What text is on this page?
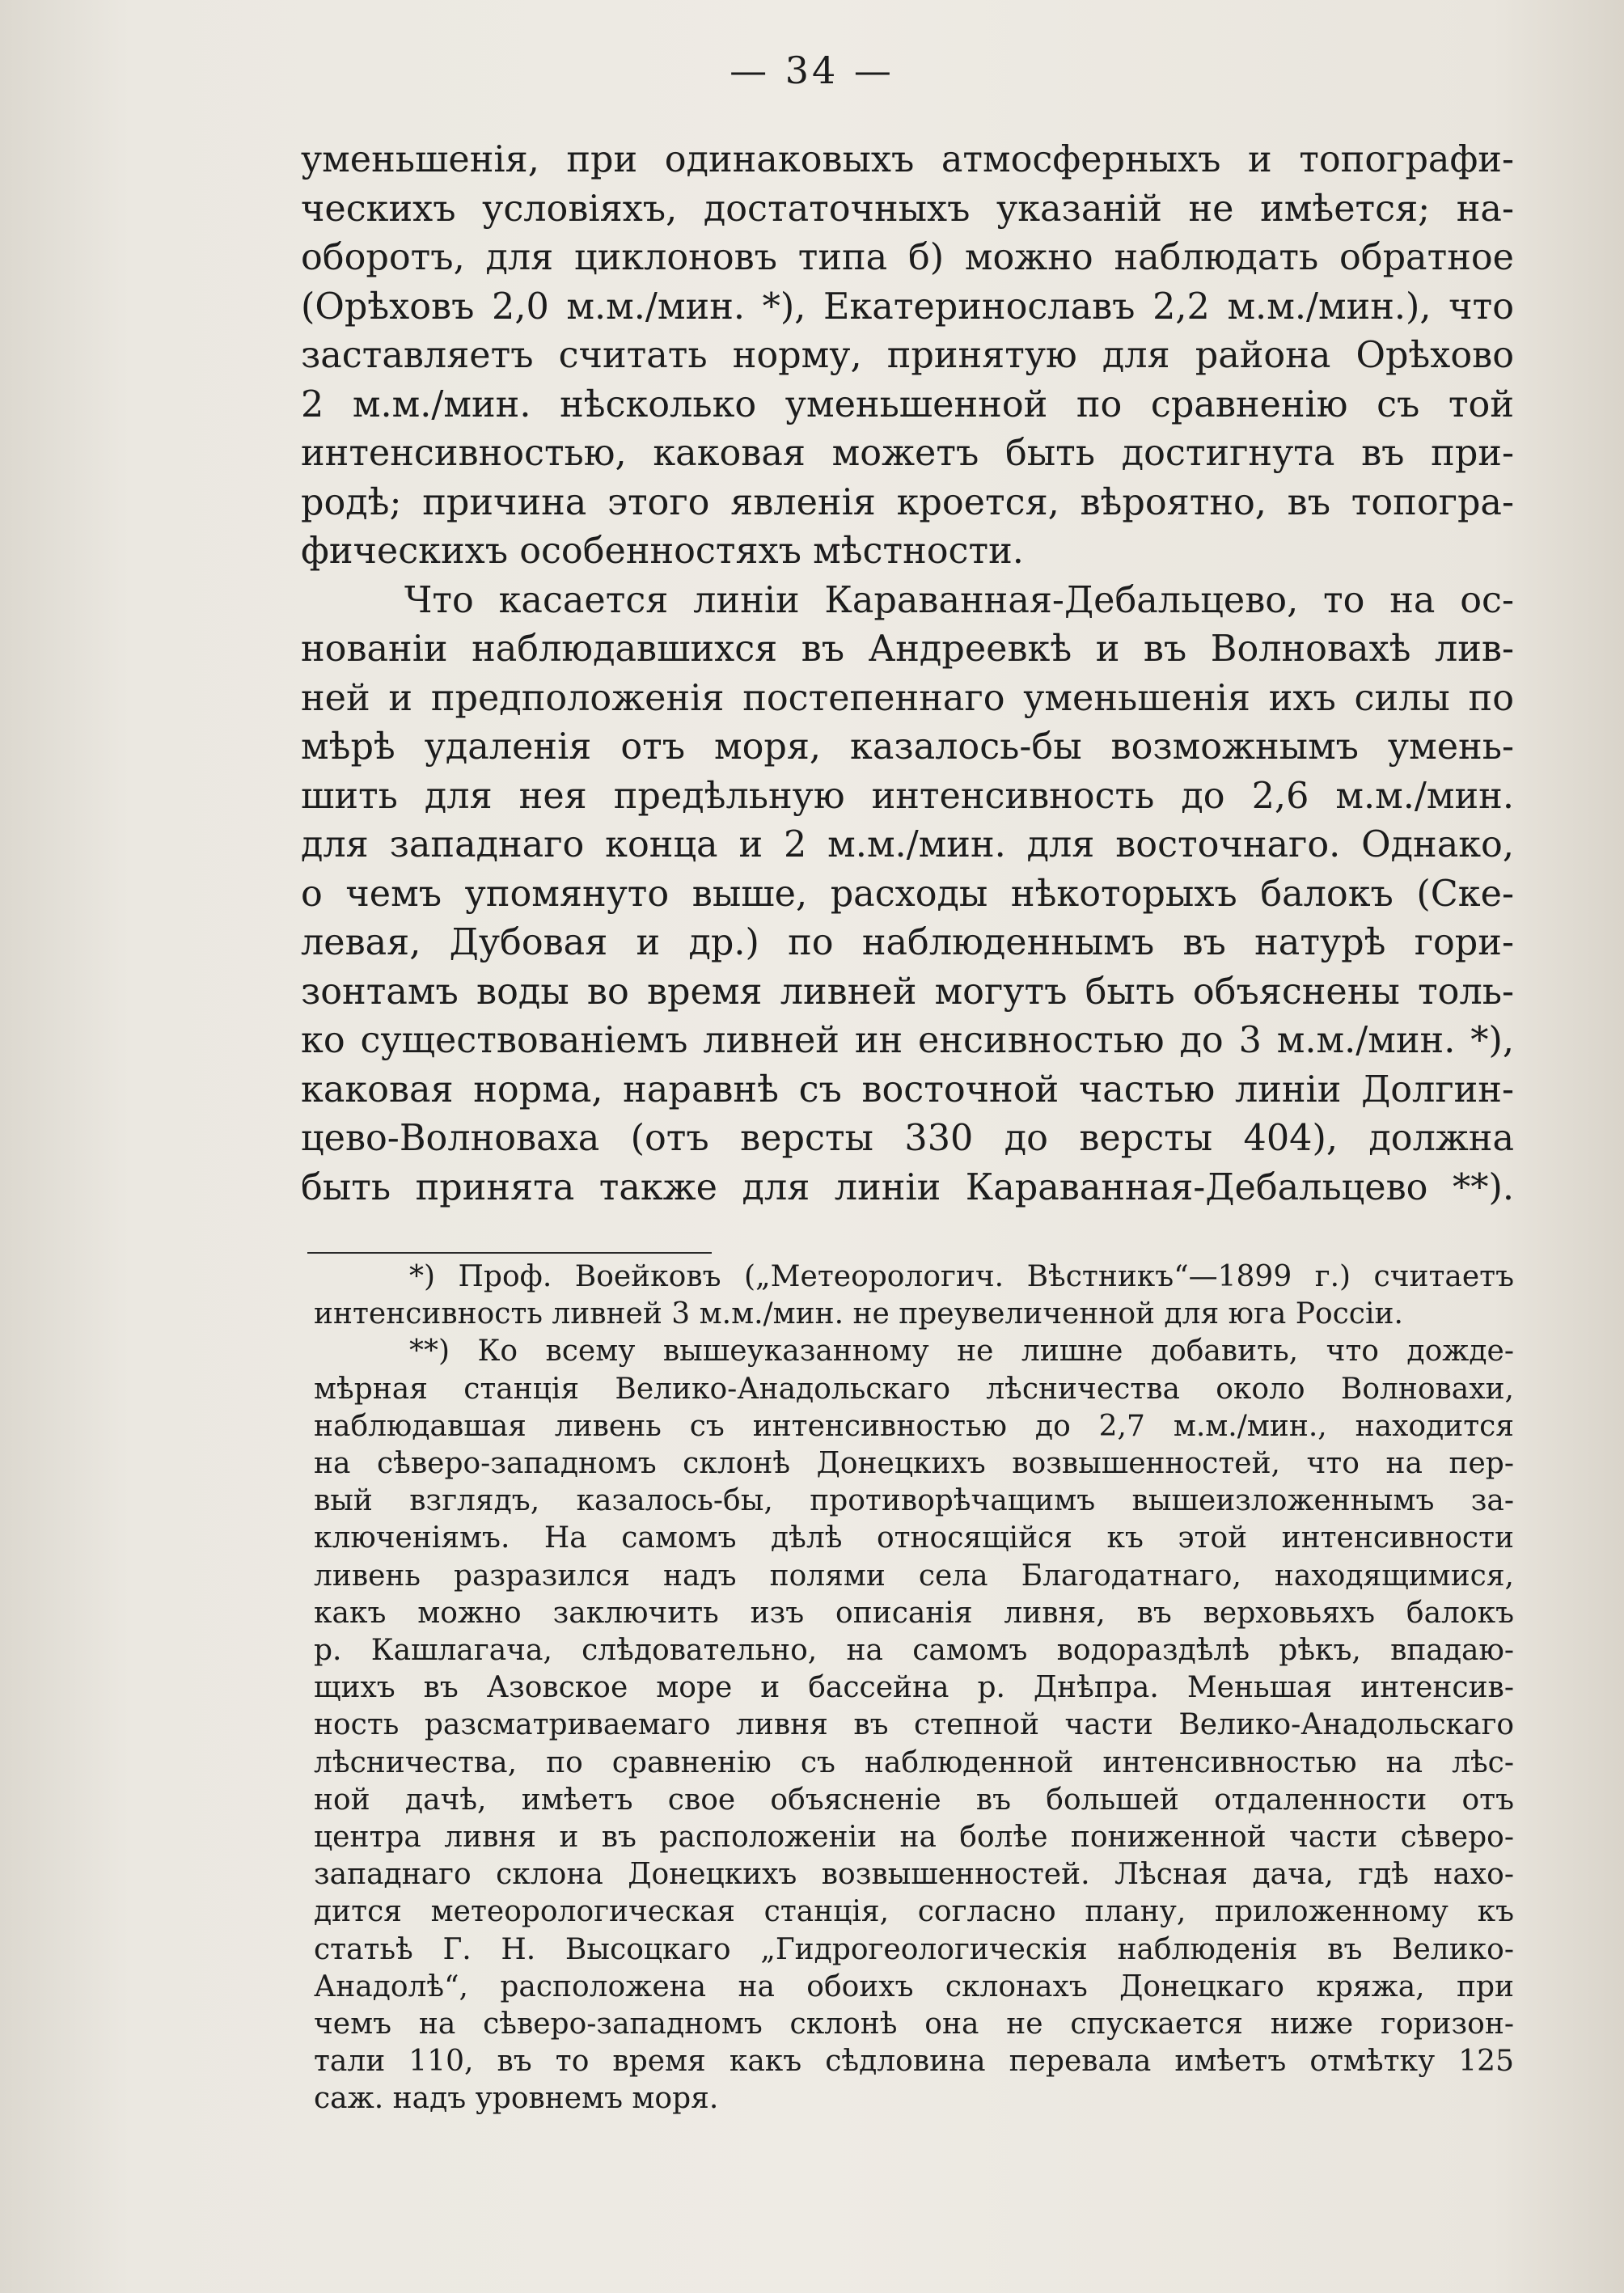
— 34 —
уменьшенія, при одинаковыхъ атмосферныхъ и топографи-
ческихъ условіяхъ, достаточныхъ указаній не имѣется; на-
оборотъ, для циклоновъ типа б) можно наблюдать обратное
(Орѣховъ 2,0 м.м./мин. *), Екатеринославъ 2,2 м.м./мин.), что
заставляетъ считать норму, принятую для района Орѣхово
2 м.м./мин. нѣсколько уменьшенной по сравненію съ той
интенсивностью, каковая можетъ быть достигнута въ при-
родѣ; причина этого явленія кроется, вѣроятно, въ топогра-
фическихъ особенностяхъ мѣстности.
Что касается линіи Караванная-Дебальцево, то на ос-
нованіи наблюдавшихся въ Андреевкѣ и въ Волновахѣ лив-
ней и предположенія постепеннаго уменьшенія ихъ силы по
мѣрѣ удаленія отъ моря, казалось-бы возможнымъ умень-
шить для нея предѣльную интенсивность до 2,6 м.м./мин.
для западнаго конца и 2 м.м./мин. для восточнаго. Однако,
о чемъ упомянуто выше, расходы нѣкоторыхъ балокъ (Ске-
левая, Дубовая и др.) по наблюденнымъ въ натурѣ гори-
зонтамъ воды во время ливней могутъ быть объяснены толь-
ко существованіемъ ливней ин енсивностью до 3 м.м./мин. *),
каковая норма, наравнѣ съ восточной частью линіи Долгин-
цево-Волноваха (отъ версты 330 до версты 404), должна
быть принята также для линіи Караванная-Дебальцево **).
*) Проф. Воейковъ („Метеорологич. Вѣстникъ“—1899 г.) считаетъ
интенсивность ливней 3 м.м./мин. не преувеличенной для юга Россіи.
**) Ко всему вышеуказанному не лишне добавить, что дожде-
мѣрная станція Велико-Анадольскаго лѣсничества около Волновахи,
наблюдавшая ливень съ интенсивностью до 2,7 м.м./мин., находится
на сѣверо-западномъ склонѣ Донецкихъ возвышенностей, что на пер-
вый взглядъ, казалось-бы, противорѣчащимъ вышеизложеннымъ за-
ключеніямъ. На самомъ дѣлѣ относящійся къ этой интенсивности
ливень разразился надъ полями села Благодатнаго, находящимися,
какъ можно заключить изъ описанія ливня, въ верховьяхъ балокъ
р. Кашлагача, слѣдовательно, на самомъ водораздѣлѣ рѣкъ, впадаю-
щихъ въ Азовское море и бассейна р. Днѣпра. Меньшая интенсив-
ность разсматриваемаго ливня въ степной части Велико-Анадольскаго
лѣсничества, по сравненію съ наблюденной интенсивностью на лѣс-
ной дачѣ, имѣетъ свое объясненіе въ большей отдаленности отъ
центра ливня и въ расположеніи на болѣе пониженной части сѣверо-
западнаго склона Донецкихъ возвышенностей. Лѣсная дача, гдѣ нахо-
дится метеорологическая станція, согласно плану, приложенному къ
статьѣ Г. Н. Высоцкаго „Гидрогеологическія наблюденія въ Велико-
Анадолѣ“, расположена на обоихъ склонахъ Донецкаго кряжа, при
чемъ на сѣверо-западномъ склонѣ она не спускается ниже горизон-
тали 110, въ то время какъ сѣдловина перевала имѣетъ отмѣтку 125
саж. надъ уровнемъ моря.
